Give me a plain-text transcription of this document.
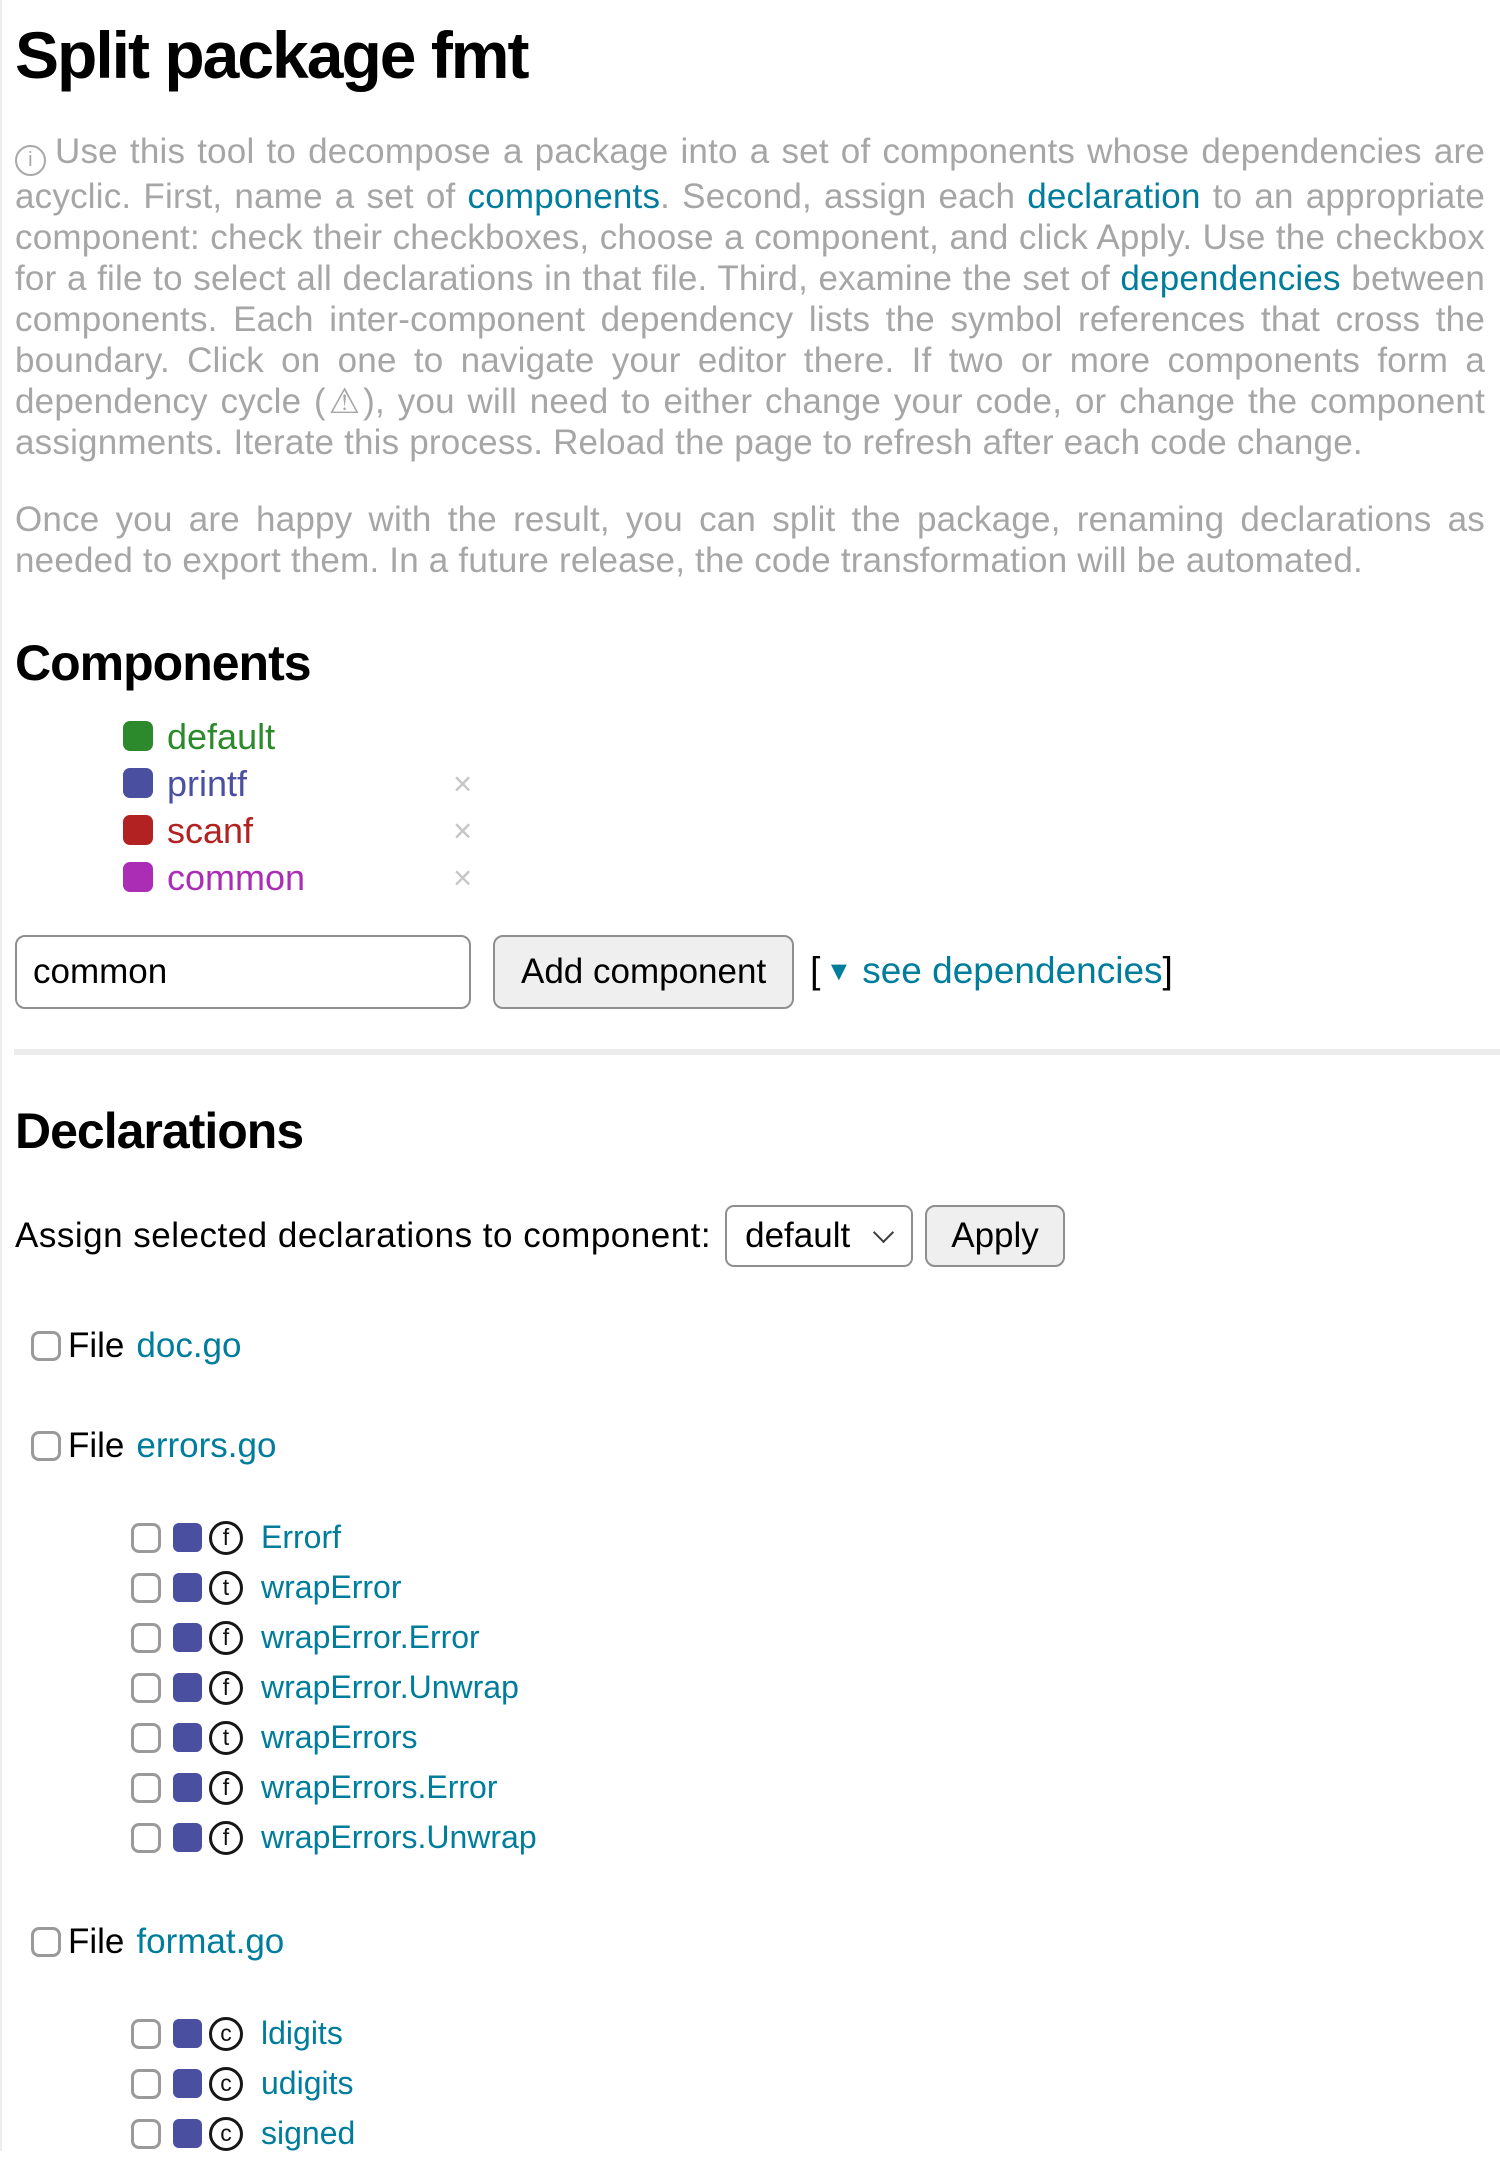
Split package fmt

i Use this tool to decompose a package into a set of components whose dependencies are acyclic. First, name a set of components. Second, assign each declaration to an appropriate component: check their checkboxes, choose a component, and click Apply. Use the checkbox for a file to select all declarations in that file. Third, examine the set of dependencies between components. Each inter-component dependency lists the symbol references that cross the boundary. Click on one to navigate your editor there. If two or more components form a dependency cycle (⚠︎), you will need to either change your code, or change the component assignments. Iterate this process. Reload the page to refresh after each code change.

Once you are happy with the result, you can split the package, renaming declarations as needed to export them. In a future release, the code transformation will be automated.

Components
default
printf	×
scanf	×
common	×
common
Add component	[ ▼ see dependencies ]
Declarations
Assign selected declarations to component: default	Apply
File doc.go
File errors.go
f Errorf
t wrapError
f wrapError.Error
f wrapError.Unwrap
t wrapErrors
f wrapErrors.Error
f wrapErrors.Unwrap
File format.go
c ldigits
c udigits
c signed
